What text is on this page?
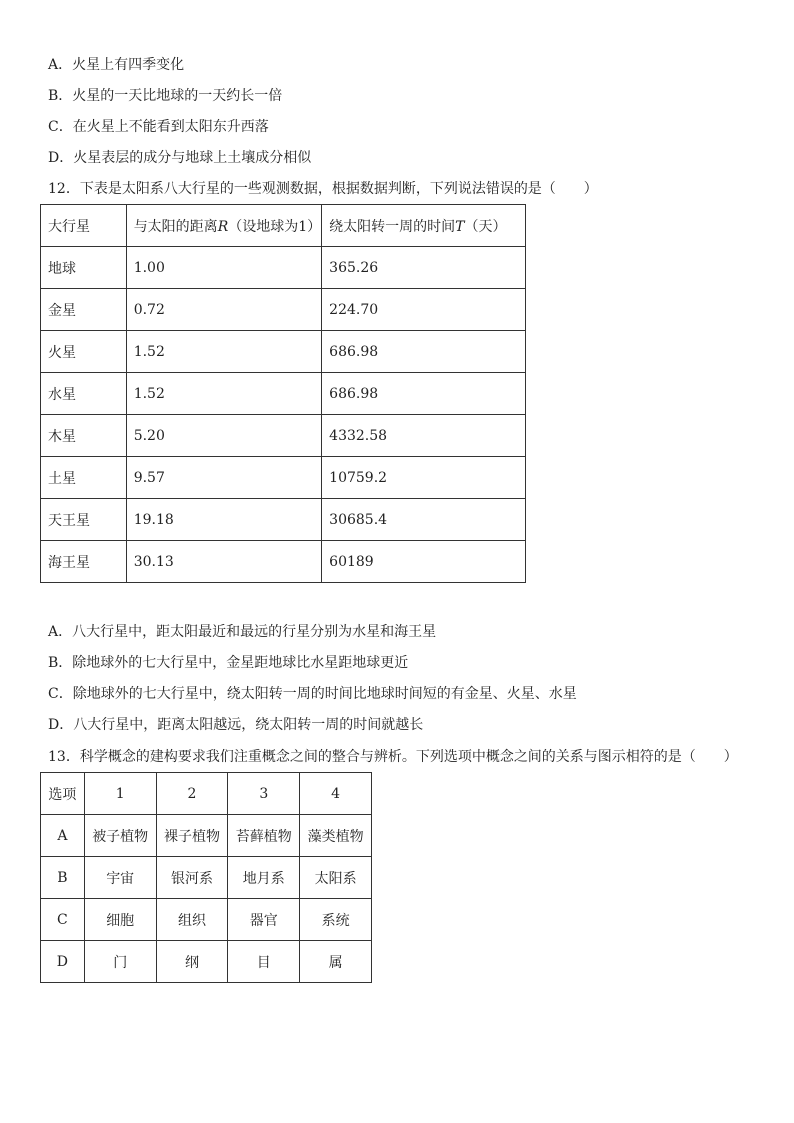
A．火星上有四季变化
B．火星的一天比地球的一天约长一倍
C．在火星上不能看到太阳东升西落
D．火星表层的成分与地球上土壤成分相似
12．下表是太阳系八大行星的一些观测数据，根据数据判断，下列说法错误的是（　　）
大行星	与太阳的距离R（设地球为1）	绕太阳转一周的时间T（天）
地球	1.00	365.26
金星	0.72	224.70
火星	1.52	686.98
水星	1.52	686.98
木星	5.20	4332.58
土星	9.57	10759.2
天王星	19.18	30685.4
海王星	30.13	60189
A．八大行星中，距太阳最近和最远的行星分别为水星和海王星
B．除地球外的七大行星中，金星距地球比水星距地球更近
C．除地球外的七大行星中，绕太阳转一周的时间比地球时间短的有金星、火星、水星
D．八大行星中，距离太阳越远，绕太阳转一周的时间就越长
13．科学概念的建构要求我们注重概念之间的整合与辨析。下列选项中概念之间的关系与图示相符的是（　　）
选项	1	2	3	4
A	被子植物	裸子植物	苔藓植物	藻类植物
B	宇宙	银河系	地月系	太阳系
C	细胞	组织	器官	系统
D	门	纲	目	属
